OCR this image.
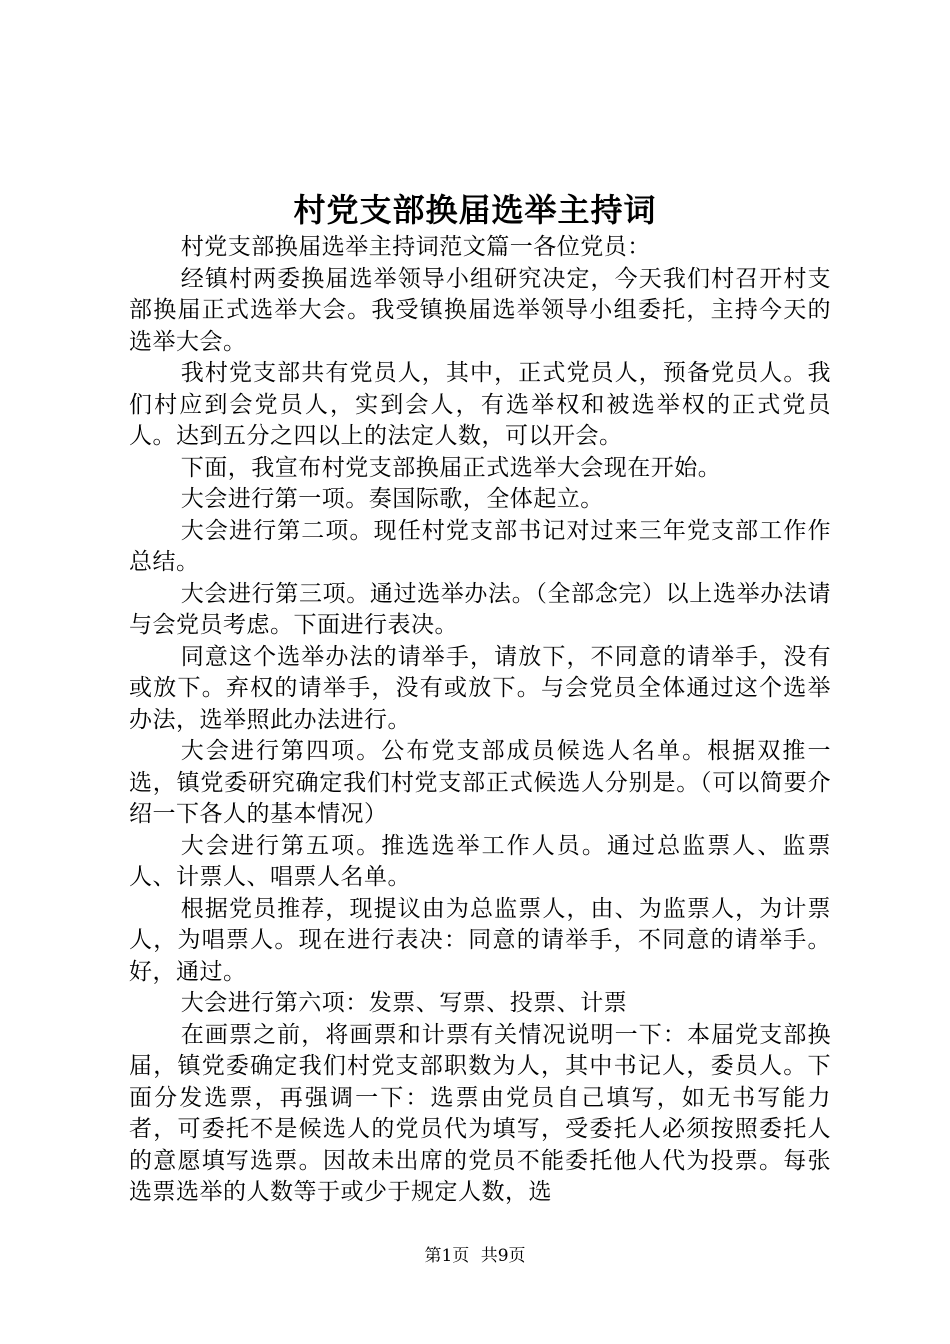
村党支部换届选举主持词

村党支部换届选举主持词范文篇一各位党员：

经镇村两委换届选举领导小组研究决定，今天我们村召开村支部换届正式选举大会。我受镇换届选举领导小组委托，主持今天的选举大会。

我村党支部共有党员人，其中，正式党员人，预备党员人。我们村应到会党员人，实到会人，有选举权和被选举权的正式党员人。达到五分之四以上的法定人数，可以开会。

下面，我宣布村党支部换届正式选举大会现在开始。

大会进行第一项。奏国际歌，全体起立。

大会进行第二项。现任村党支部书记对过来三年党支部工作作总结。

大会进行第三项。通过选举办法。（全部念完）以上选举办法请与会党员考虑。下面进行表决。

同意这个选举办法的请举手，请放下，不同意的请举手，没有或放下。弃权的请举手，没有或放下。与会党员全体通过这个选举办法，选举照此办法进行。

大会进行第四项。公布党支部成员候选人名单。根据双推一选，镇党委研究确定我们村党支部正式候选人分别是。（可以简要介绍一下各人的基本情况）

大会进行第五项。推选选举工作人员。通过总监票人、监票人、计票人、唱票人名单。

根据党员推荐，现提议由为总监票人，由、为监票人，为计票人，为唱票人。现在进行表决：同意的请举手，不同意的请举手。好，通过。

大会进行第六项：发票、写票、投票、计票

在画票之前，将画票和计票有关情况说明一下：本届党支部换届，镇党委确定我们村党支部职数为人，其中书记人，委员人。下面分发选票，再强调一下：选票由党员自己填写，如无书写能力者，可委托不是候选人的党员代为填写，受委托人必须按照委托人的意愿填写选票。因故未出席的党员不能委托他人代为投票。每张选票选举的人数等于或少于规定人数，选

第1页 共9页
